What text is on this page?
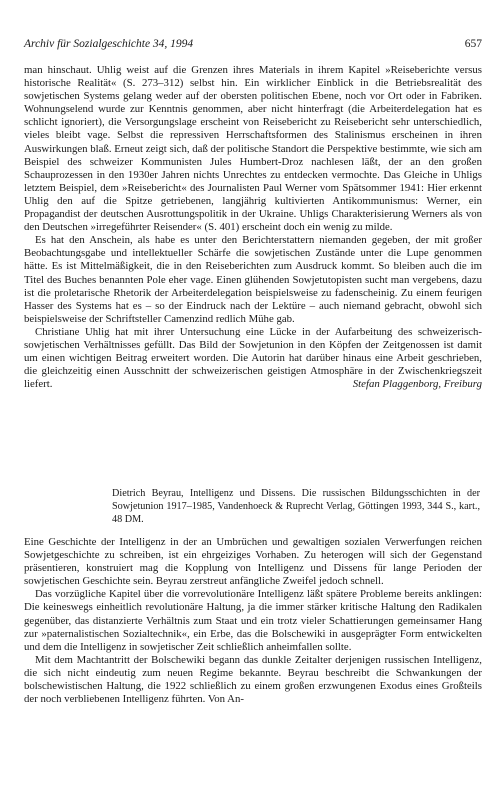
Archiv für Sozialgeschichte 34, 1994	657

man hinschaut. Uhlig weist auf die Grenzen ihres Materials in ihrem Kapitel »Reiseberichte versus historische Realität« (S. 273–312) selbst hin. Ein wirklicher Einblick in die Betriebsrealität des sowjetischen Systems gelang weder auf der obersten politischen Ebene, noch vor Ort oder in Fabriken. Wohnungselend wurde zur Kenntnis genommen, aber nicht hinterfragt (die Arbeiterdelegation hat es schlicht ignoriert), die Versorgungslage erscheint von Reisebericht zu Reisebericht sehr unterschiedlich, vieles bleibt vage. Selbst die repressiven Herrschaftsformen des Stalinismus erscheinen in ihren Auswirkungen blaß. Erneut zeigt sich, daß der politische Standort die Perspektive bestimmte, wie sich am Beispiel des schweizer Kommunisten Jules Humbert-Droz nachlesen läßt, der an den großen Schauprozessen in den 1930er Jahren nichts Unrechtes zu entdecken vermochte. Das Gleiche in Uhligs letztem Beispiel, dem »Reisebericht« des Journalisten Paul Werner vom Spätsommer 1941: Hier erkennt Uhlig den auf die Spitze getriebenen, langjährig kultivierten Antikommunismus: Werner, ein Propagandist der deutschen Ausrottungspolitik in der Ukraine. Uhligs Charakterisierung Werners als von den Deutschen »irregeführter Reisender« (S. 401) erscheint doch ein wenig zu milde.

Es hat den Anschein, als habe es unter den Berichterstattern niemanden gegeben, der mit großer Beobachtungsgabe und intellektueller Schärfe die sowjetischen Zustände unter die Lupe genommen hätte. Es ist Mittelmäßigkeit, die in den Reiseberichten zum Ausdruck kommt. So bleiben auch die im Titel des Buches benannten Pole eher vage. Einen glühenden Sowjetutopisten sucht man vergebens, dazu ist die proletarische Rhetorik der Arbeiterdelegation beispielsweise zu fadenscheinig. Zu einem feurigen Hasser des Systems hat es – so der Eindruck nach der Lektüre – auch niemand gebracht, obwohl sich beispielsweise der Schriftsteller Camenzind redlich Mühe gab.

Christiane Uhlig hat mit ihrer Untersuchung eine Lücke in der Aufarbeitung des schweizerisch-sowjetischen Verhältnisses gefüllt. Das Bild der Sowjetunion in den Köpfen der Zeitgenossen ist damit um einen wichtigen Beitrag erweitert worden. Die Autorin hat darüber hinaus eine Arbeit geschrieben, die gleichzeitig einen Ausschnitt der schweizerischen geistigen Atmosphäre in der Zwischenkriegszeit liefert.	Stefan Plaggenborg, Freiburg

Dietrich Beyrau, Intelligenz und Dissens. Die russischen Bildungsschichten in der Sowjetunion 1917–1985, Vandenhoeck & Ruprecht Verlag, Göttingen 1993, 344 S., kart., 48 DM.

Eine Geschichte der Intelligenz in der an Umbrüchen und gewaltigen sozialen Verwerfungen reichen Sowjetgeschichte zu schreiben, ist ein ehrgeiziges Vorhaben. Zu heterogen will sich der Gegenstand präsentieren, konstruiert mag die Kopplung von Intelligenz und Dissens für lange Perioden der sowjetischen Geschichte sein. Beyrau zerstreut anfängliche Zweifel jedoch schnell.

Das vorzügliche Kapitel über die vorrevolutionäre Intelligenz läßt spätere Probleme bereits anklingen: Die keineswegs einheitlich revolutionäre Haltung, ja die immer stärker kritische Haltung den Radikalen gegenüber, das distanzierte Verhältnis zum Staat und ein trotz vieler Schattierungen gemeinsamer Hang zur »paternalistischen Sozialtechnik«, ein Erbe, das die Bolschewiki in ausgeprägter Form entwickelten und dem die Intelligenz in sowjetischer Zeit schließlich anheimfallen sollte.

Mit dem Machtantritt der Bolschewiki begann das dunkle Zeitalter derjenigen russischen Intelligenz, die sich nicht eindeutig zum neuen Regime bekannte. Beyrau beschreibt die Schwankungen der bolschewistischen Haltung, die 1922 schließlich zu einem großen erzwungenen Exodus eines Großteils der noch verbliebenen Intelligenz führten. Von An-
